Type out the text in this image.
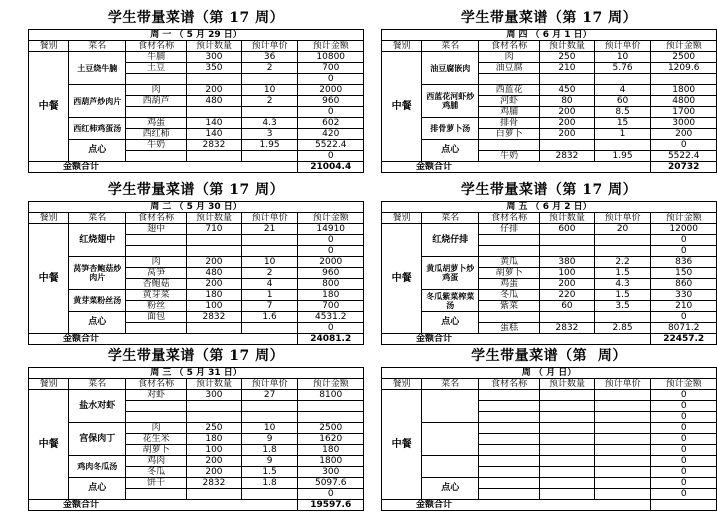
学生带量菜谱（第 17 周）
周 一 （ 5 月 29 日）					
餐别	菜名	食材名称	预计数量	预计单价	预计金额
中餐	土豆烧牛腩	牛腩	300	36	10800
		土豆	350	2	700
					0
	西葫芦炒肉片	肉	200	10	2000
		西葫芦	480	2	960
					0
	西红柿鸡蛋汤	鸡蛋	140	4.3	602
		西红柿	140	3	420
	点心	牛奶	2832	1.95	5522.4
					0
金额合计					21004.4
学生带量菜谱（第 17 周）
周 四 （ 6 月 1 日）					
餐别	菜名	食材名称	预计数量	预计单价	预计金额
中餐	油豆腐嵌肉	肉	250	10	2500
		油豆腐	210	5.76	1209.6

	西蓝花河虾炒鸡脯	西蓝花	450	4	1800
		河虾	80	60	4800
		鸡脯	200	8.5	1700
	排骨萝卜汤	排骨	200	15	3000
		白萝卜	200	1	200
	点心				0
		牛奶	2832	1.95	5522.4
金额合计					20732
学生带量菜谱（第 17 周）
周 二 （ 5 月 30 日）					
餐别	菜名	食材名称	预计数量	预计单价	预计金额
中餐	红烧翅中	翅中	710	21	14910
					0
					0
	莴笋杏鲍菇炒肉片	肉	200	10	2000
		莴笋	480	2	960
		杏鲍菇	200	4	800
	黄芽菜粉丝汤	黄芽菜	180	1	180
		粉丝	100	7	700
	点心	面包	2832	1.6	4531.2
					0
金额合计					24081.2
学生带量菜谱（第 17 周）
周 五 （ 6 月 2 日）					
餐别	菜名	食材名称	预计数量	预计单价	预计金额
中餐	红烧仔排	仔排	600	20	12000
					0
					0
	黄瓜胡萝卜炒鸡蛋	黄瓜	380	2.2	836
		胡萝卜	100	1.5	150
		鸡蛋	200	4.3	860
	冬瓜紫菜榨菜汤	冬瓜	220	1.5	330
		紫菜	60	3.5	210
	点心				0
		蛋糕	2832	2.85	8071.2
金额合计					22457.2
学生带量菜谱（第 17 周）
周 三 （ 5 月 31 日）					
餐别	菜名	食材名称	预计数量	预计单价	预计金额
中餐	盐水对虾	对虾	300	27	8100

	宫保肉丁	肉	250	10	2500
		花生米	180	9	1620
		胡萝卜	100	1.8	180
	鸡肉冬瓜汤	鸡肉	200	9	1800
		冬瓜	200	1.5	300
	点心	饼干	2832	1.8	5097.6
					0
金额合计					19597.6
学生带量菜谱（第  周）
周 （ 月 日）					
餐别	菜名	食材名称	预计数量	预计单价	预计金额
中餐					0
					0
					0
					0
					0
					0
					0
					0
	点心				0
					0
金额合计					
